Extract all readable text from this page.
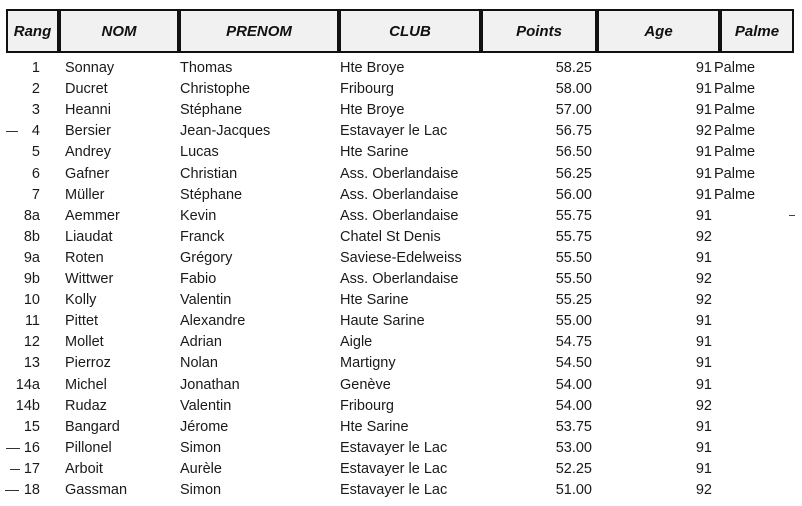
Rang	NOM	PRENOM	CLUB	Points	Age	Palme
1 Sonnay	Thomas	Hte Broye	58.25	91 Palme
2 Ducret	Christophe	Fribourg	58.00	91 Palme
3 Heanni	Stéphane	Hte Broye	57.00	91 Palme
4 Bersier	Jean-Jacques	Estavayer le Lac	56.75	92 Palme
5 Andrey	Lucas	Hte Sarine	56.50	91 Palme
6 Gafner	Christian	Ass. Oberlandaise	56.25	91 Palme
7 Müller	Stéphane	Ass. Oberlandaise	56.00	91 Palme
8a Aemmer	Kevin	Ass. Oberlandaise	55.75	91
8b Liaudat	Franck	Chatel St Denis	55.75	92
9a Roten	Grégory	Saviese-Edelweiss	55.50	91
9b Wittwer	Fabio	Ass. Oberlandaise	55.50	92
10 Kolly	Valentin	Hte Sarine	55.25	92
11 Pittet	Alexandre	Haute Sarine	55.00	91
12 Mollet	Adrian	Aigle	54.75	91
13 Pierroz	Nolan	Martigny	54.50	91
14a Michel	Jonathan	Genève	54.00	91
14b Rudaz	Valentin	Fribourg	54.00	92
15 Bangard	Jérome	Hte Sarine	53.75	91
16 Pillonel	Simon	Estavayer le Lac	53.00	91
17 Arboit	Aurèle	Estavayer le Lac	52.25	91
18 Gassman	Simon	Estavayer le Lac	51.00	92
